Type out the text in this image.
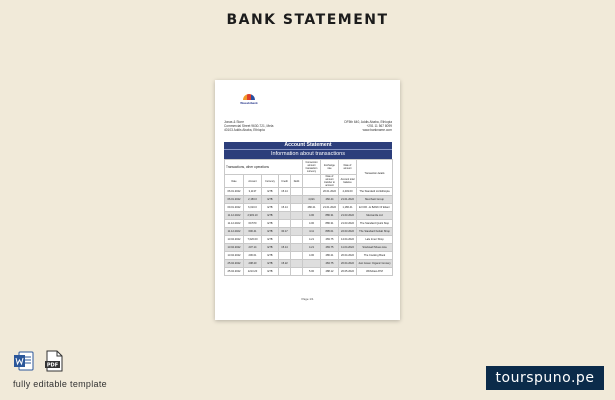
BANK STATEMENT
Wasabibank
Jonas & Store
Commercial Street 9630-721, Mela
40103 Addis Ababa, Ethiopia
DF5th 640, Addis Ababa, Ethiopia
+251 11 567 8099
www.bankname.com
Account Statement
Information about transactions
Transactions, other operations					Conversion amount transaction currency	Exchange rate	Date of amount	Transaction details
Date	Amount	Currency	Credit	Debit		Date of amount transfer to account	Account total balance	
06.01.2022	3,1137	ETB	15.14			20.01.2022	4,449.00	The Standard Ltd Ethiopia
06.01.2022	2,150.0	ETB			4,021	460.44	21.01.2022	Merchant Group
09.01.2022	6,010.0	ETB	15.14		480.21	21.01.2022	1,186.41	E FOR - E BANK Of Ebanr
11.12.2022	2,903.10	ETB			4.00	886.31	21.03.2022	Mercantile Ltd
11.12.2022	60.570	ETB			4.00	886.31	21.03.2022	The Standard Quick Stop
11.12.2022	600.41	ETB	30.17		4.11	895.01	22.03.2022	The Standard Kebab Shop
13.04.2022	7,020.00	ETB			4.21	469.75	14.04.2022	Lalu Inner Shop
13.04.2022	237.14	ETB	15.14		4.21	469.75	11.04.2022	Stockwell Shoes Ana
13.04.2022	206.01	ETB			4.00	486.21	20.04.2022	The Cooking Book
25.04.2022	208.20	ETB	15.22			484.75	20.04.2022	Just Green Organic Grocery
25.04.2022	1213.20	ETB			5.00	488.12	20.05.2022	Withdraw ATM
Page 1/1
PDF
fully editable template	tourspuno.pe
